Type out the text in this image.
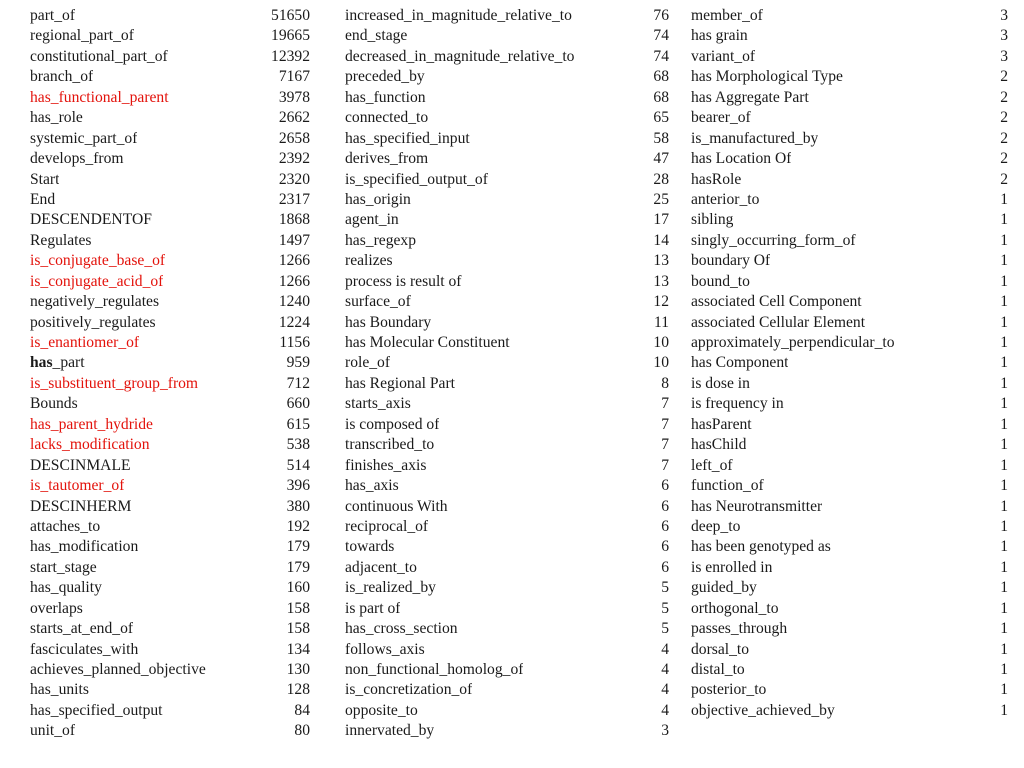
part_of	51650
regional_part_of	19665
constitutional_part_of	12392
branch_of	7167
has_functional_parent	3978
has_role	2662
systemic_part_of	2658
develops_from	2392
Start	2320
End	2317
DESCENDENTOF	1868
Regulates	1497
is_conjugate_base_of	1266
is_conjugate_acid_of	1266
negatively_regulates	1240
positively_regulates	1224
is_enantiomer_of	1156
has_part	959
is_substituent_group_from	712
Bounds	660
has_parent_hydride	615
lacks_modification	538
DESCINMALE	514
is_tautomer_of	396
DESCINHERM	380
attaches_to	192
has_modification	179
start_stage	179
has_quality	160
overlaps	158
starts_at_end_of	158
fasciculates_with	134
achieves_planned_objective	130
has_units	128
has_specified_output	84
unit_of	80
increased_in_magnitude_relative_to	76
end_stage	74
decreased_in_magnitude_relative_to	74
preceded_by	68
has_function	68
connected_to	65
has_specified_input	58
derives_from	47
is_specified_output_of	28
has_origin	25
agent_in	17
has_regexp	14
realizes	13
process is result of	13
surface_of	12
has Boundary	11
has Molecular Constituent	10
role_of	10
has Regional Part	8
starts_axis	7
is composed of	7
transcribed_to	7
finishes_axis	7
has_axis	6
continuous With	6
reciprocal_of	6
towards	6
adjacent_to	6
is_realized_by	5
is part of	5
has_cross_section	5
follows_axis	4
non_functional_homolog_of	4
is_concretization_of	4
opposite_to	4
innervated_by	3
member_of	3
has grain	3
variant_of	3
has Morphological Type	2
has Aggregate Part	2
bearer_of	2
is_manufactured_by	2
has Location Of	2
hasRole	2
anterior_to	1
sibling	1
singly_occurring_form_of	1
boundary Of	1
bound_to	1
associated Cell Component	1
associated Cellular Element	1
approximately_perpendicular_to	1
has Component	1
is dose in	1
is frequency in	1
hasParent	1
hasChild	1
left_of	1
function_of	1
has Neurotransmitter	1
deep_to	1
has been genotyped as	1
is enrolled in	1
guided_by	1
orthogonal_to	1
passes_through	1
dorsal_to	1
distal_to	1
posterior_to	1
objective_achieved_by	1
